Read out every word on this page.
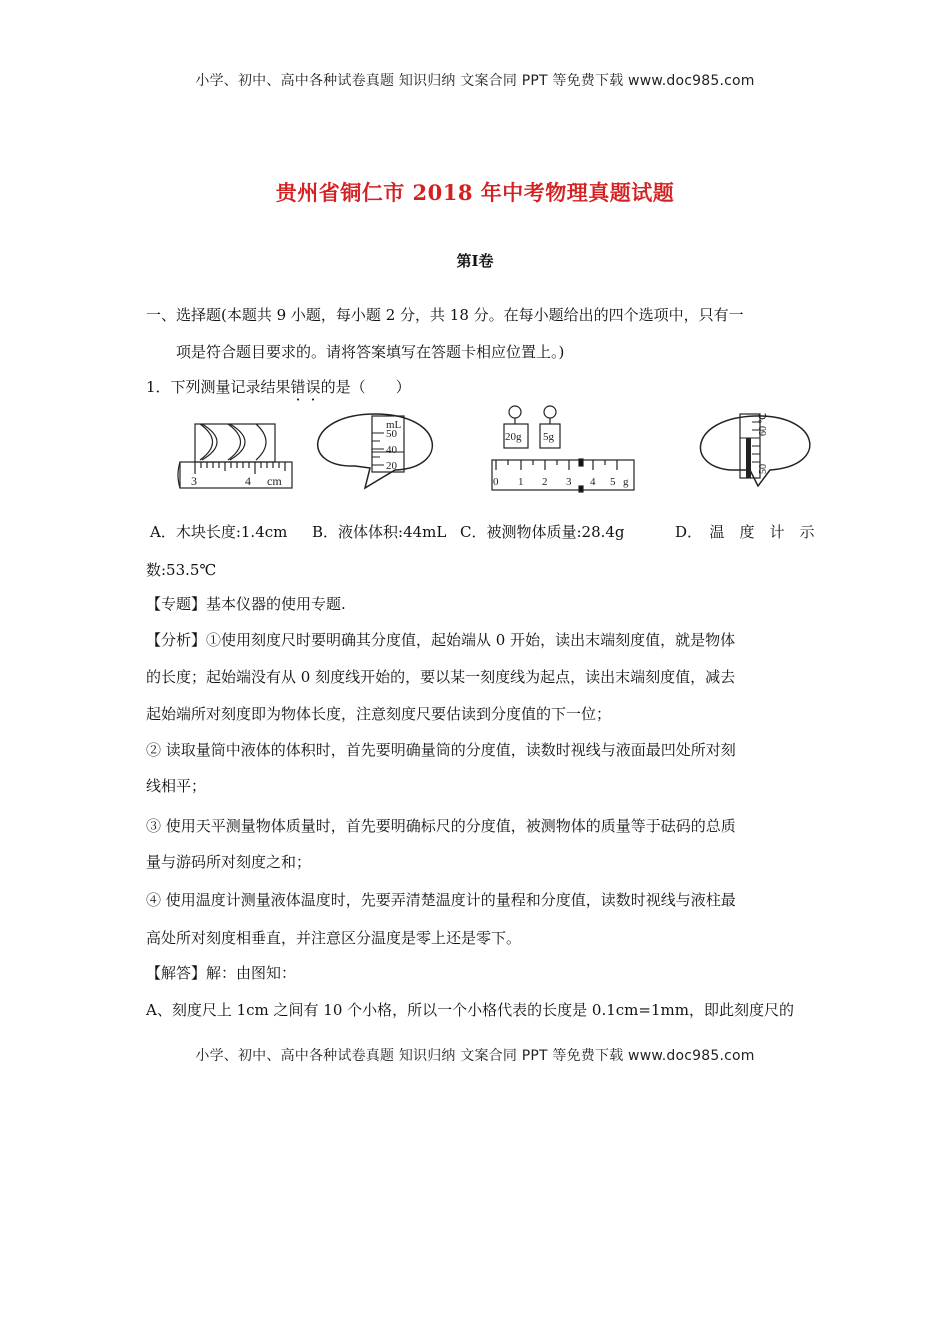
小学、初中、高中各种试卷真题 知识归纳 文案合同 PPT 等免费下载 www.doc985.com
贵州省铜仁市 2018 年中考物理真题试题
第Ⅰ卷
一、选择题(本题共 9 小题，每小题 2 分，共 18 分。在每小题给出的四个选项中，只有一
项是符合题目要求的。请将答案填写在答题卡相应位置上。)
1．下列测量记录结果错误的是（　　）
3	4 cm
mL
50
40
20
20g 5g
0 1 2 3 4 5 g
60
℃
50
A．木块长度:1.4cm B．液体体积:44mL C．被测物体质量:28.4g	D．　温　度　计　示
数:53.5℃
【专题】基本仪器的使用专题.
【分析】①使用刻度尺时要明确其分度值，起始端从 0 开始，读出末端刻度值，就是物体
的长度；起始端没有从 0 刻度线开始的，要以某一刻度线为起点，读出末端刻度值，减去
起始端所对刻度即为物体长度，注意刻度尺要估读到分度值的下一位；
② 读取量筒中液体的体积时，首先要明确量筒的分度值，读数时视线与液面最凹处所对刻
线相平；
③ 使用天平测量物体质量时，首先要明确标尺的分度值，被测物体的质量等于砝码的总质
量与游码所对刻度之和；
④ 使用温度计测量液体温度时，先要弄清楚温度计的量程和分度值，读数时视线与液柱最
高处所对刻度相垂直，并注意区分温度是零上还是零下。
【解答】解：由图知：
A、刻度尺上 1cm 之间有 10 个小格，所以一个小格代表的长度是 0.1cm=1mm，即此刻度尺的
小学、初中、高中各种试卷真题 知识归纳 文案合同 PPT 等免费下载 www.doc985.com
